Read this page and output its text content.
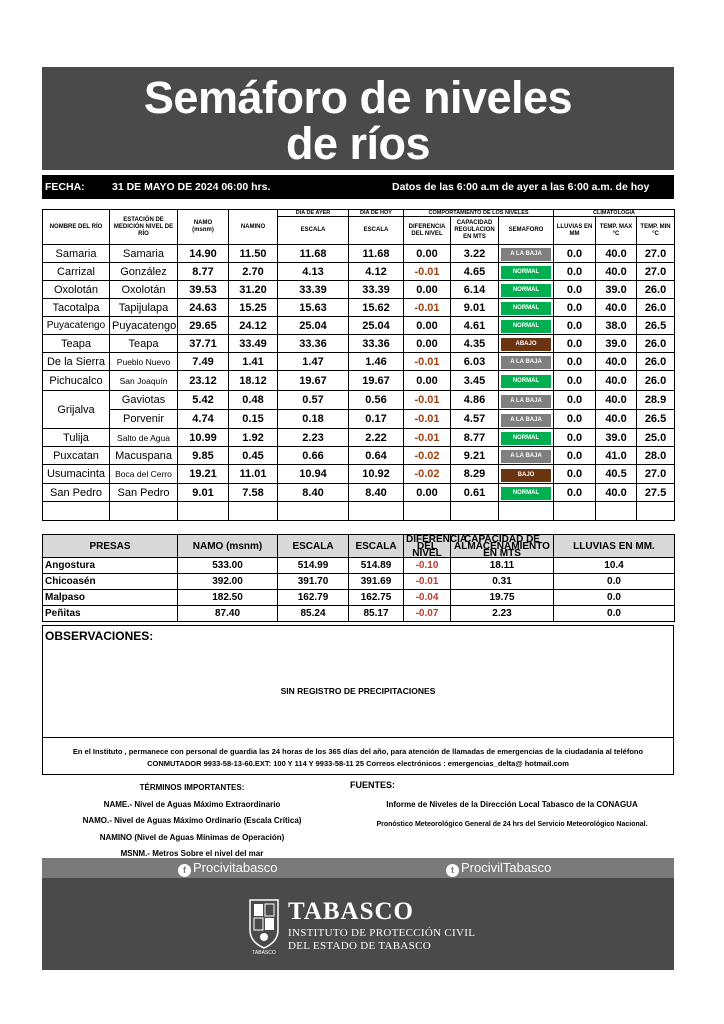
Semáforo de niveles
de ríos
FECHA:	31 DE MAYO DE 2024 06:00 hrs.	Datos de las 6:00 a.m de ayer a las 6:00 a.m. de hoy
NOMBRE DEL RÍO	ESTACIÓN DE MEDICIÓN NIVEL DE RÍO	NAMO
(msnm)	NAMINO	DIA DE AYER	DIA DE HOY	COMPORTAMIENTO DE LOS NIVELES			CLIMATOLOGIA		
				ESCALA	ESCALA	DIFERENCIA DEL NIVEL	CAPACIDAD REGULACION EN MTS	SEMAFORO	LLUVIAS EN MM	TEMP. MAX °C	TEMP. MIN °C
Samaria	Samaria	14.90	11.50	11.68	11.68	0.00	3.22	A LA BAJA	0.0	40.0	27.0
Carrizal	González	8.77	2.70	4.13	4.12	-0.01	4.65	NORMAL	0.0	40.0	27.0
Oxolotán	Oxolotán	39.53	31.20	33.39	33.39	0.00	6.14	NORMAL	0.0	39.0	26.0
Tacotalpa	Tapijulapa	24.63	15.25	15.63	15.62	-0.01	9.01	NORMAL	0.0	40.0	26.0
Puyacatengo	Puyacatengo	29.65	24.12	25.04	25.04	0.00	4.61	NORMAL	0.0	38.0	26.5
Teapa	Teapa	37.71	33.49	33.36	33.36	0.00	4.35	ABAJO	0.0	39.0	26.0
De la Sierra	Pueblo Nuevo	7.49	1.41	1.47	1.46	-0.01	6.03	A LA BAJA	0.0	40.0	26.0
Pichucalco	San Joaquín	23.12	18.12	19.67	19.67	0.00	3.45	NORMAL	0.0	40.0	26.0
Grijalva	Gaviotas	5.42	0.48	0.57	0.56	-0.01	4.86	A LA BAJA	0.0	40.0	28.9
	Porvenir	4.74	0.15	0.18	0.17	-0.01	4.57	A LA BAJA	0.0	40.0	26.5
Tulija	Salto de Agua	10.99	1.92	2.23	2.22	-0.01	8.77	NORMAL	0.0	39.0	25.0
Puxcatan	Macuspana	9.85	0.45	0.66	0.64	-0.02	9.21	A LA BAJA	0.0	41.0	28.0
Usumacinta	Boca del Cerro	19.21	11.01	10.94	10.92	-0.02	8.29	BAJO	0.0	40.5	27.0
San Pedro	San Pedro	9.01	7.58	8.40	8.40	0.00	0.61	NORMAL	0.0	40.0	27.5

PRESAS	NAMO (msnm)	ESCALA	ESCALA	DIFERENCIA DEL NIVEL	CAPACIDAD DE ALMACENAMIENTO EN MTS	LLUVIAS EN MM.
Angostura	533.00	514.99	514.89	-0.10	18.11	10.4
Chicoasén	392.00	391.70	391.69	-0.01	0.31	0.0
Malpaso	182.50	162.79	162.75	-0.04	19.75	0.0
Peñitas	87.40	85.24	85.17	-0.07	2.23	0.0
OBSERVACIONES:
SIN REGISTRO DE PRECIPITACIONES
En el Instituto , permanece con personal de guardia las 24 horas de los 365 días del año, para atención de llamadas de emergencias de la ciudadanía al teléfono
CONMUTADOR 9933-58-13-60.EXT: 100 Y 114 Y 9933-58-11 25 Correos electrónicos : emergencias_delta@ hotmail.com
TÉRMINOS IMPORTANTES:
NAME.- Nivel de Aguas Máximo Extraordinario
NAMO.- Nivel de Aguas Máximo Ordinario (Escala Crítica)
NAMINO (Nivel de Aguas Mínimas de Operación)
MSNM.- Metros Sobre el nivel del mar
FUENTES:
Informe de Niveles de la Dirección Local Tabasco de la CONAGUA
Pronóstico Meteorológico General de 24 hrs del Servicio Meteorológico Nacional.
f Procivitabasco	t ProcivilTabasco
TABASCO
TABASCO
INSTITUTO DE PROTECCIÓN CIVIL
DEL ESTADO DE TABASCO
